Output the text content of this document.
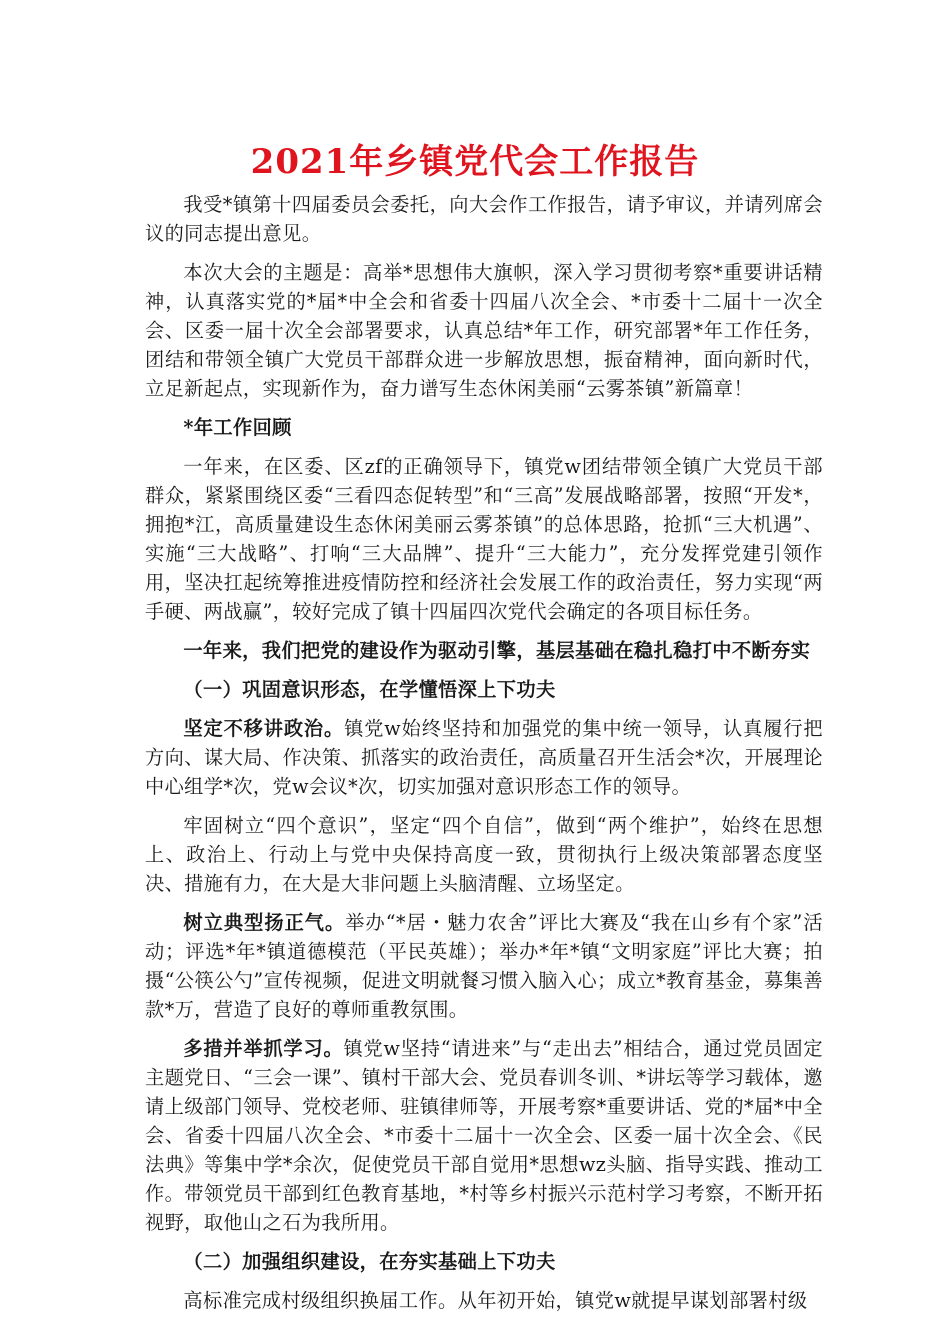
2021年乡镇党代会工作报告

我受*镇第十四届委员会委托，向大会作工作报告，请予审议，并请列席会议的同志提出意见。

本次大会的主题是：高举*思想伟大旗帜，深入学习贯彻考察*重要讲话精神，认真落实党的*届*中全会和省委十四届八次全会、*市委十二届十一次全会、区委一届十次全会部署要求，认真总结*年工作，研究部署*年工作任务，团结和带领全镇广大党员干部群众进一步解放思想，振奋精神，面向新时代，立足新起点，实现新作为，奋力谱写生态休闲美丽“云雾茶镇”新篇章！

*年工作回顾

一年来，在区委、区zf的正确领导下，镇党w团结带领全镇广大党员干部群众，紧紧围绕区委“三看四态促转型”和“三高”发展战略部署，按照“开发*，拥抱*江，高质量建设生态休闲美丽云雾茶镇”的总体思路，抢抓“三大机遇”、实施“三大战略”、打响“三大品牌”、提升“三大能力”，充分发挥党建引领作用，坚决扛起统筹推进疫情防控和经济社会发展工作的政治责任，努力实现“两手硬、两战赢”，较好完成了镇十四届四次党代会确定的各项目标任务。

一年来，我们把党的建设作为驱动引擎，基层基础在稳扎稳打中不断夯实

（一）巩固意识形态，在学懂悟深上下功夫

坚定不移讲政治。镇党w始终坚持和加强党的集中统一领导，认真履行把方向、谋大局、作决策、抓落实的政治责任，高质量召开生活会*次，开展理论中心组学*次，党w会议*次，切实加强对意识形态工作的领导。

牢固树立“四个意识”，坚定“四个自信”，做到“两个维护”，始终在思想上、政治上、行动上与党中央保持高度一致，贯彻执行上级决策部署态度坚决、措施有力，在大是大非问题上头脑清醒、立场坚定。

树立典型扬正气。举办“*居・魅力农舍”评比大赛及“我在山乡有个家”活动；评选*年*镇道德模范（平民英雄）；举办*年*镇“文明家庭”评比大赛；拍摄“公筷公勺”宣传视频，促进文明就餐习惯入脑入心；成立*教育基金，募集善款*万，营造了良好的尊师重教氛围。

多措并举抓学习。镇党w坚持“请进来”与“走出去”相结合，通过党员固定主题党日、“三会一课”、镇村干部大会、党员春训冬训、*讲坛等学习载体，邀请上级部门领导、党校老师、驻镇律师等，开展考察*重要讲话、党的*届*中全会、省委十四届八次全会、*市委十二届十一次全会、区委一届十次全会、《民法典》等集中学*余次，促使党员干部自觉用*思想wz头脑、指导实践、推动工作。带领党员干部到红色教育基地，*村等乡村振兴示范村学习考察，不断开拓视野，取他山之石为我所用。

（二）加强组织建设，在夯实基础上下功夫

高标准完成村级组织换届工作。从年初开始，镇党w就提早谋划部署村级
